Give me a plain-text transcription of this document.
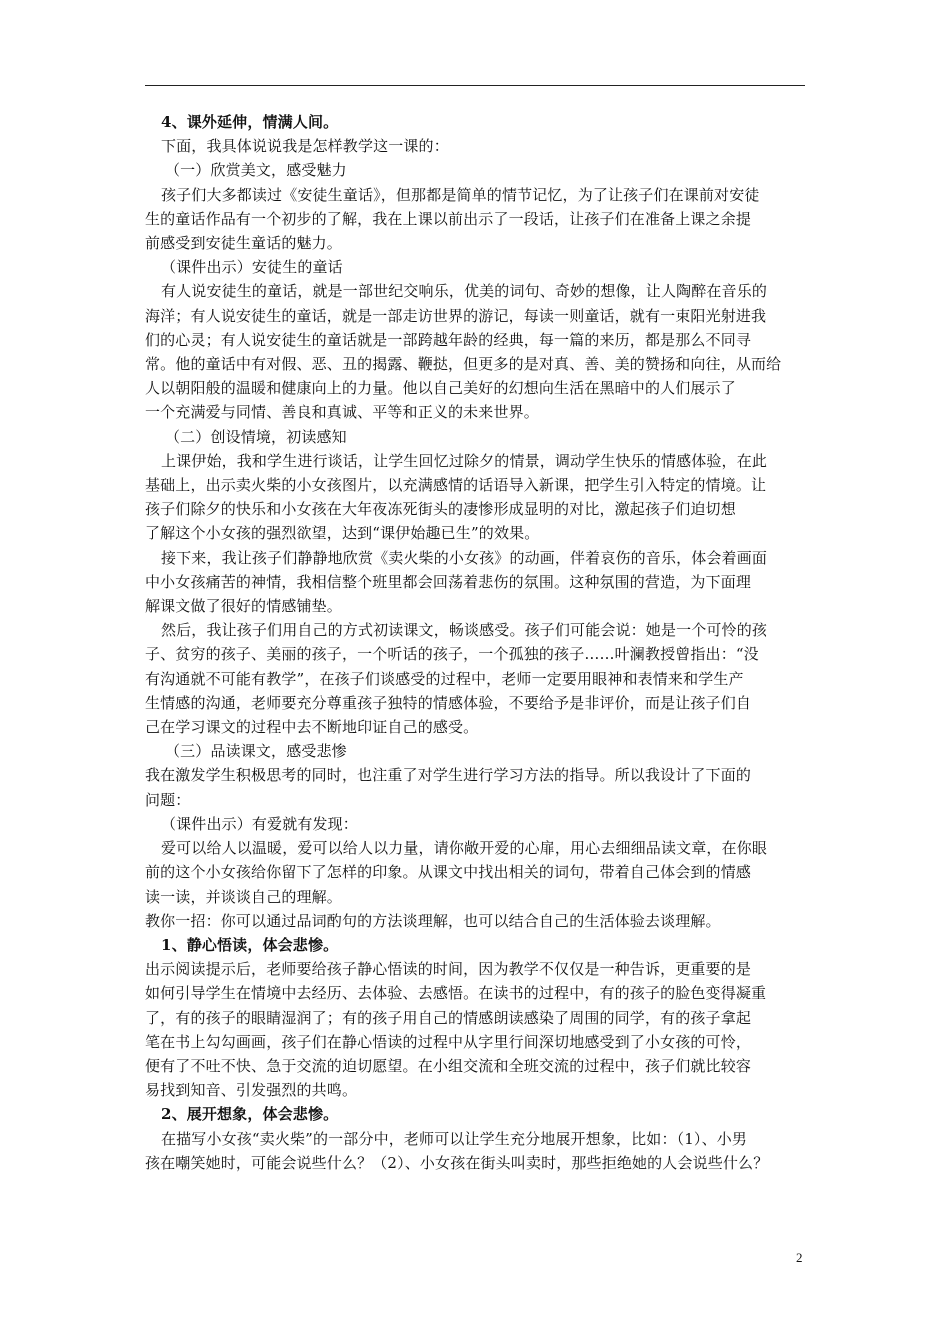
4、课外延伸，情满人间。
下面，我具体说说我是怎样教学这一课的：
（一）欣赏美文，感受魅力
孩子们大多都读过《安徒生童话》，但那都是简单的情节记忆，为了让孩子们在课前对安徒
生的童话作品有一个初步的了解，我在上课以前出示了一段话，让孩子们在准备上课之余提
前感受到安徒生童话的魅力。
（课件出示）安徒生的童话
有人说安徒生的童话，就是一部世纪交响乐，优美的词句、奇妙的想像，让人陶醉在音乐的
海洋；有人说安徒生的童话，就是一部走访世界的游记，每读一则童话，就有一束阳光射进我
们的心灵；有人说安徒生的童话就是一部跨越年龄的经典，每一篇的来历，都是那么不同寻
常。他的童话中有对假、恶、丑的揭露、鞭挞，但更多的是对真、善、美的赞扬和向往，从而给
人以朝阳般的温暖和健康向上的力量。他以自己美好的幻想向生活在黑暗中的人们展示了
一个充满爱与同情、善良和真诚、平等和正义的未来世界。
（二）创设情境，初读感知
上课伊始，我和学生进行谈话，让学生回忆过除夕的情景，调动学生快乐的情感体验，在此
基础上，出示卖火柴的小女孩图片，以充满感情的话语导入新课，把学生引入特定的情境。让
孩子们除夕的快乐和小女孩在大年夜冻死街头的凄惨形成显明的对比，激起孩子们迫切想
了解这个小女孩的强烈欲望，达到“课伊始趣已生”的效果。
接下来，我让孩子们静静地欣赏《卖火柴的小女孩》的动画，伴着哀伤的音乐，体会着画面
中小女孩痛苦的神情，我相信整个班里都会回荡着悲伤的氛围。这种氛围的营造，为下面理
解课文做了很好的情感铺垫。
然后，我让孩子们用自己的方式初读课文，畅谈感受。孩子们可能会说：她是一个可怜的孩
子、贫穷的孩子、美丽的孩子，一个听话的孩子，一个孤独的孩子……叶澜教授曾指出：“没
有沟通就不可能有教学”，在孩子们谈感受的过程中，老师一定要用眼神和表情来和学生产
生情感的沟通，老师要充分尊重孩子独特的情感体验，不要给予是非评价，而是让孩子们自
己在学习课文的过程中去不断地印证自己的感受。
（三）品读课文，感受悲惨
我在激发学生积极思考的同时，也注重了对学生进行学习方法的指导。所以我设计了下面的
问题：
（课件出示）有爱就有发现：
爱可以给人以温暖，爱可以给人以力量，请你敞开爱的心扉，用心去细细品读文章，在你眼
前的这个小女孩给你留下了怎样的印象。从课文中找出相关的词句，带着自己体会到的情感
读一读，并谈谈自己的理解。
教你一招：你可以通过品词酌句的方法谈理解，也可以结合自己的生活体验去谈理解。
1、静心悟读，体会悲惨。
出示阅读提示后，老师要给孩子静心悟读的时间，因为教学不仅仅是一种告诉，更重要的是
如何引导学生在情境中去经历、去体验、去感悟。在读书的过程中，有的孩子的脸色变得凝重
了，有的孩子的眼睛湿润了；有的孩子用自己的情感朗读感染了周围的同学，有的孩子拿起
笔在书上勾勾画画，孩子们在静心悟读的过程中从字里行间深切地感受到了小女孩的可怜，
便有了不吐不快、急于交流的迫切愿望。在小组交流和全班交流的过程中，孩子们就比较容
易找到知音、引发强烈的共鸣。
2、展开想象，体会悲惨。
在描写小女孩“卖火柴”的一部分中，老师可以让学生充分地展开想象，比如：（1）、小男
孩在嘲笑她时，可能会说些什么？（2）、小女孩在街头叫卖时，那些拒绝她的人会说些什么？
2
